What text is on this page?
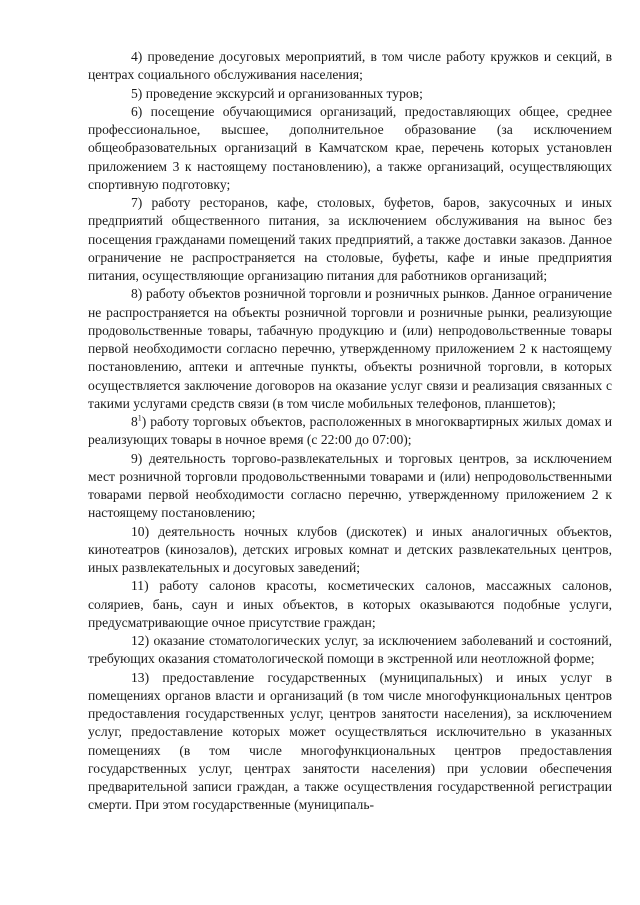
4) проведение досуговых мероприятий, в том числе работу кружков и секций, в центрах социального обслуживания населения;

5) проведение экскурсий и организованных туров;

6) посещение обучающимися организаций, предоставляющих общее, среднее профессиональное, высшее, дополнительное образование (за исключением общеобразовательных организаций в Камчатском крае, перечень которых установлен приложением 3 к настоящему постановлению), а также организаций, осуществляющих спортивную подготовку;

7) работу ресторанов, кафе, столовых, буфетов, баров, закусочных и иных предприятий общественного питания, за исключением обслуживания на вынос без посещения гражданами помещений таких предприятий, а также доставки заказов. Данное ограничение не распространяется на столовые, буфеты, кафе и иные предприятия питания, осуществляющие организацию питания для работников организаций;

8) работу объектов розничной торговли и розничных рынков. Данное ограничение не распространяется на объекты розничной торговли и розничные рынки, реализующие продовольственные товары, табачную продукцию и (или) непродовольственные товары первой необходимости согласно перечню, утвержденному приложением 2 к настоящему постановлению, аптеки и аптечные пункты, объекты розничной торговли, в которых осуществляется заключение договоров на оказание услуг связи и реализация связанных с такими услугами средств связи (в том числе мобильных телефонов, планшетов);

$8^1$) работу торговых объектов, расположенных в многоквартирных жилых домах и реализующих товары в ночное время (с 22:00 до 07:00);

9) деятельность торгово-развлекательных и торговых центров, за исключением мест розничной торговли продовольственными товарами и (или) непродовольственными товарами первой необходимости согласно перечню, утвержденному приложением 2 к настоящему постановлению;

10) деятельность ночных клубов (дискотек) и иных аналогичных объектов, кинотеатров (кинозалов), детских игровых комнат и детских развлекательных центров, иных развлекательных и досуговых заведений;

11) работу салонов красоты, косметических салонов, массажных салонов, соляриев, бань, саун и иных объектов, в которых оказываются подобные услуги, предусматривающие очное присутствие граждан;

12) оказание стоматологических услуг, за исключением заболеваний и состояний, требующих оказания стоматологической помощи в экстренной или неотложной форме;

13) предоставление государственных (муниципальных) и иных услуг в помещениях органов власти и организаций (в том числе многофункциональных центров предоставления государственных услуг, центров занятости населения), за исключением услуг, предоставление которых может осуществляться исключительно в указанных помещениях (в том числе многофункциональных центров предоставления государственных услуг, центрах занятости населения) при условии обеспечения предварительной записи граждан, а также осуществления государственной регистрации смерти. При этом государственные (муниципаль-
